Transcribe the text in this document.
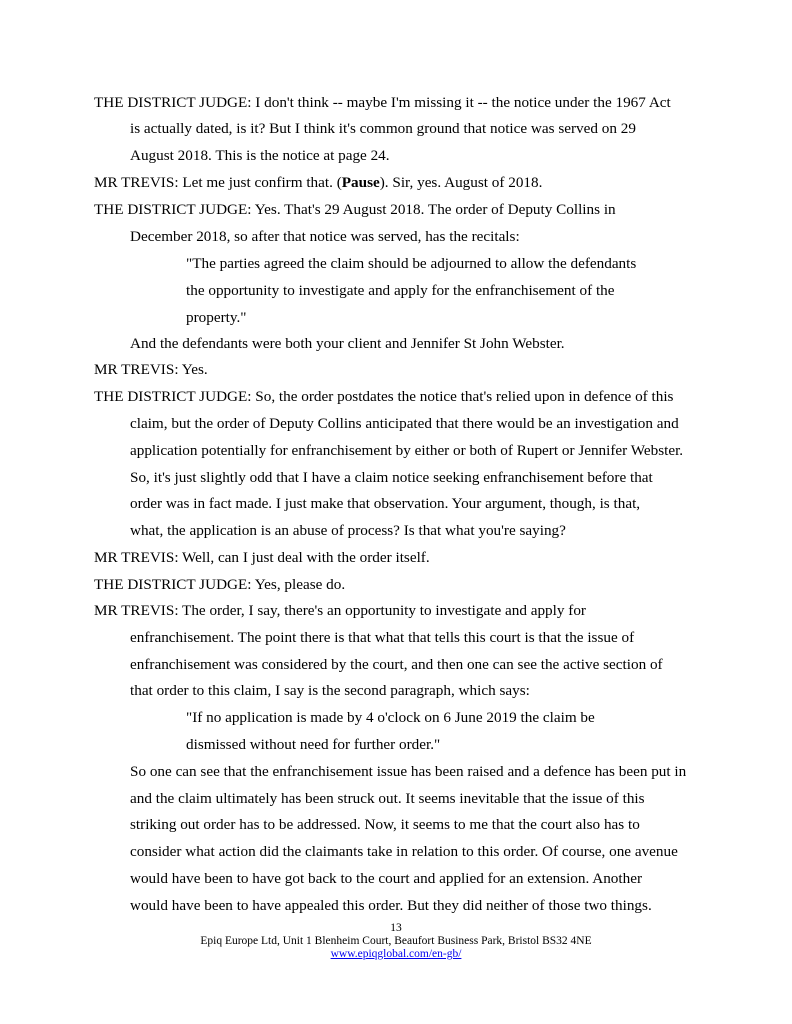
THE DISTRICT JUDGE: I don't think -- maybe I'm missing it -- the notice under the 1967 Act
is actually dated, is it? But I think it's common ground that notice was served on 29
August 2018. This is the notice at page 24.
MR TREVIS: Let me just confirm that. (Pause). Sir, yes. August of 2018.
THE DISTRICT JUDGE: Yes. That's 29 August 2018. The order of Deputy Collins in
December 2018, so after that notice was served, has the recitals:
"The parties agreed the claim should be adjourned to allow the defendants
the opportunity to investigate and apply for the enfranchisement of the
property."
And the defendants were both your client and Jennifer St John Webster.
MR TREVIS: Yes.
THE DISTRICT JUDGE: So, the order postdates the notice that's relied upon in defence of this
claim, but the order of Deputy Collins anticipated that there would be an investigation and
application potentially for enfranchisement by either or both of Rupert or Jennifer Webster.
So, it's just slightly odd that I have a claim notice seeking enfranchisement before that
order was in fact made. I just make that observation. Your argument, though, is that,
what, the application is an abuse of process? Is that what you're saying?
MR TREVIS: Well, can I just deal with the order itself.
THE DISTRICT JUDGE: Yes, please do.
MR TREVIS: The order, I say, there's an opportunity to investigate and apply for
enfranchisement. The point there is that what that tells this court is that the issue of
enfranchisement was considered by the court, and then one can see the active section of
that order to this claim, I say is the second paragraph, which says:
"If no application is made by 4 o'clock on 6 June 2019 the claim be
dismissed without need for further order."
So one can see that the enfranchisement issue has been raised and a defence has been put in
and the claim ultimately has been struck out. It seems inevitable that the issue of this
striking out order has to be addressed. Now, it seems to me that the court also has to
consider what action did the claimants take in relation to this order. Of course, one avenue
would have been to have got back to the court and applied for an extension. Another
would have been to have appealed this order. But they did neither of those two things.
13
Epiq Europe Ltd, Unit 1 Blenheim Court, Beaufort Business Park, Bristol BS32 4NE
www.epiqglobal.com/en-gb/
